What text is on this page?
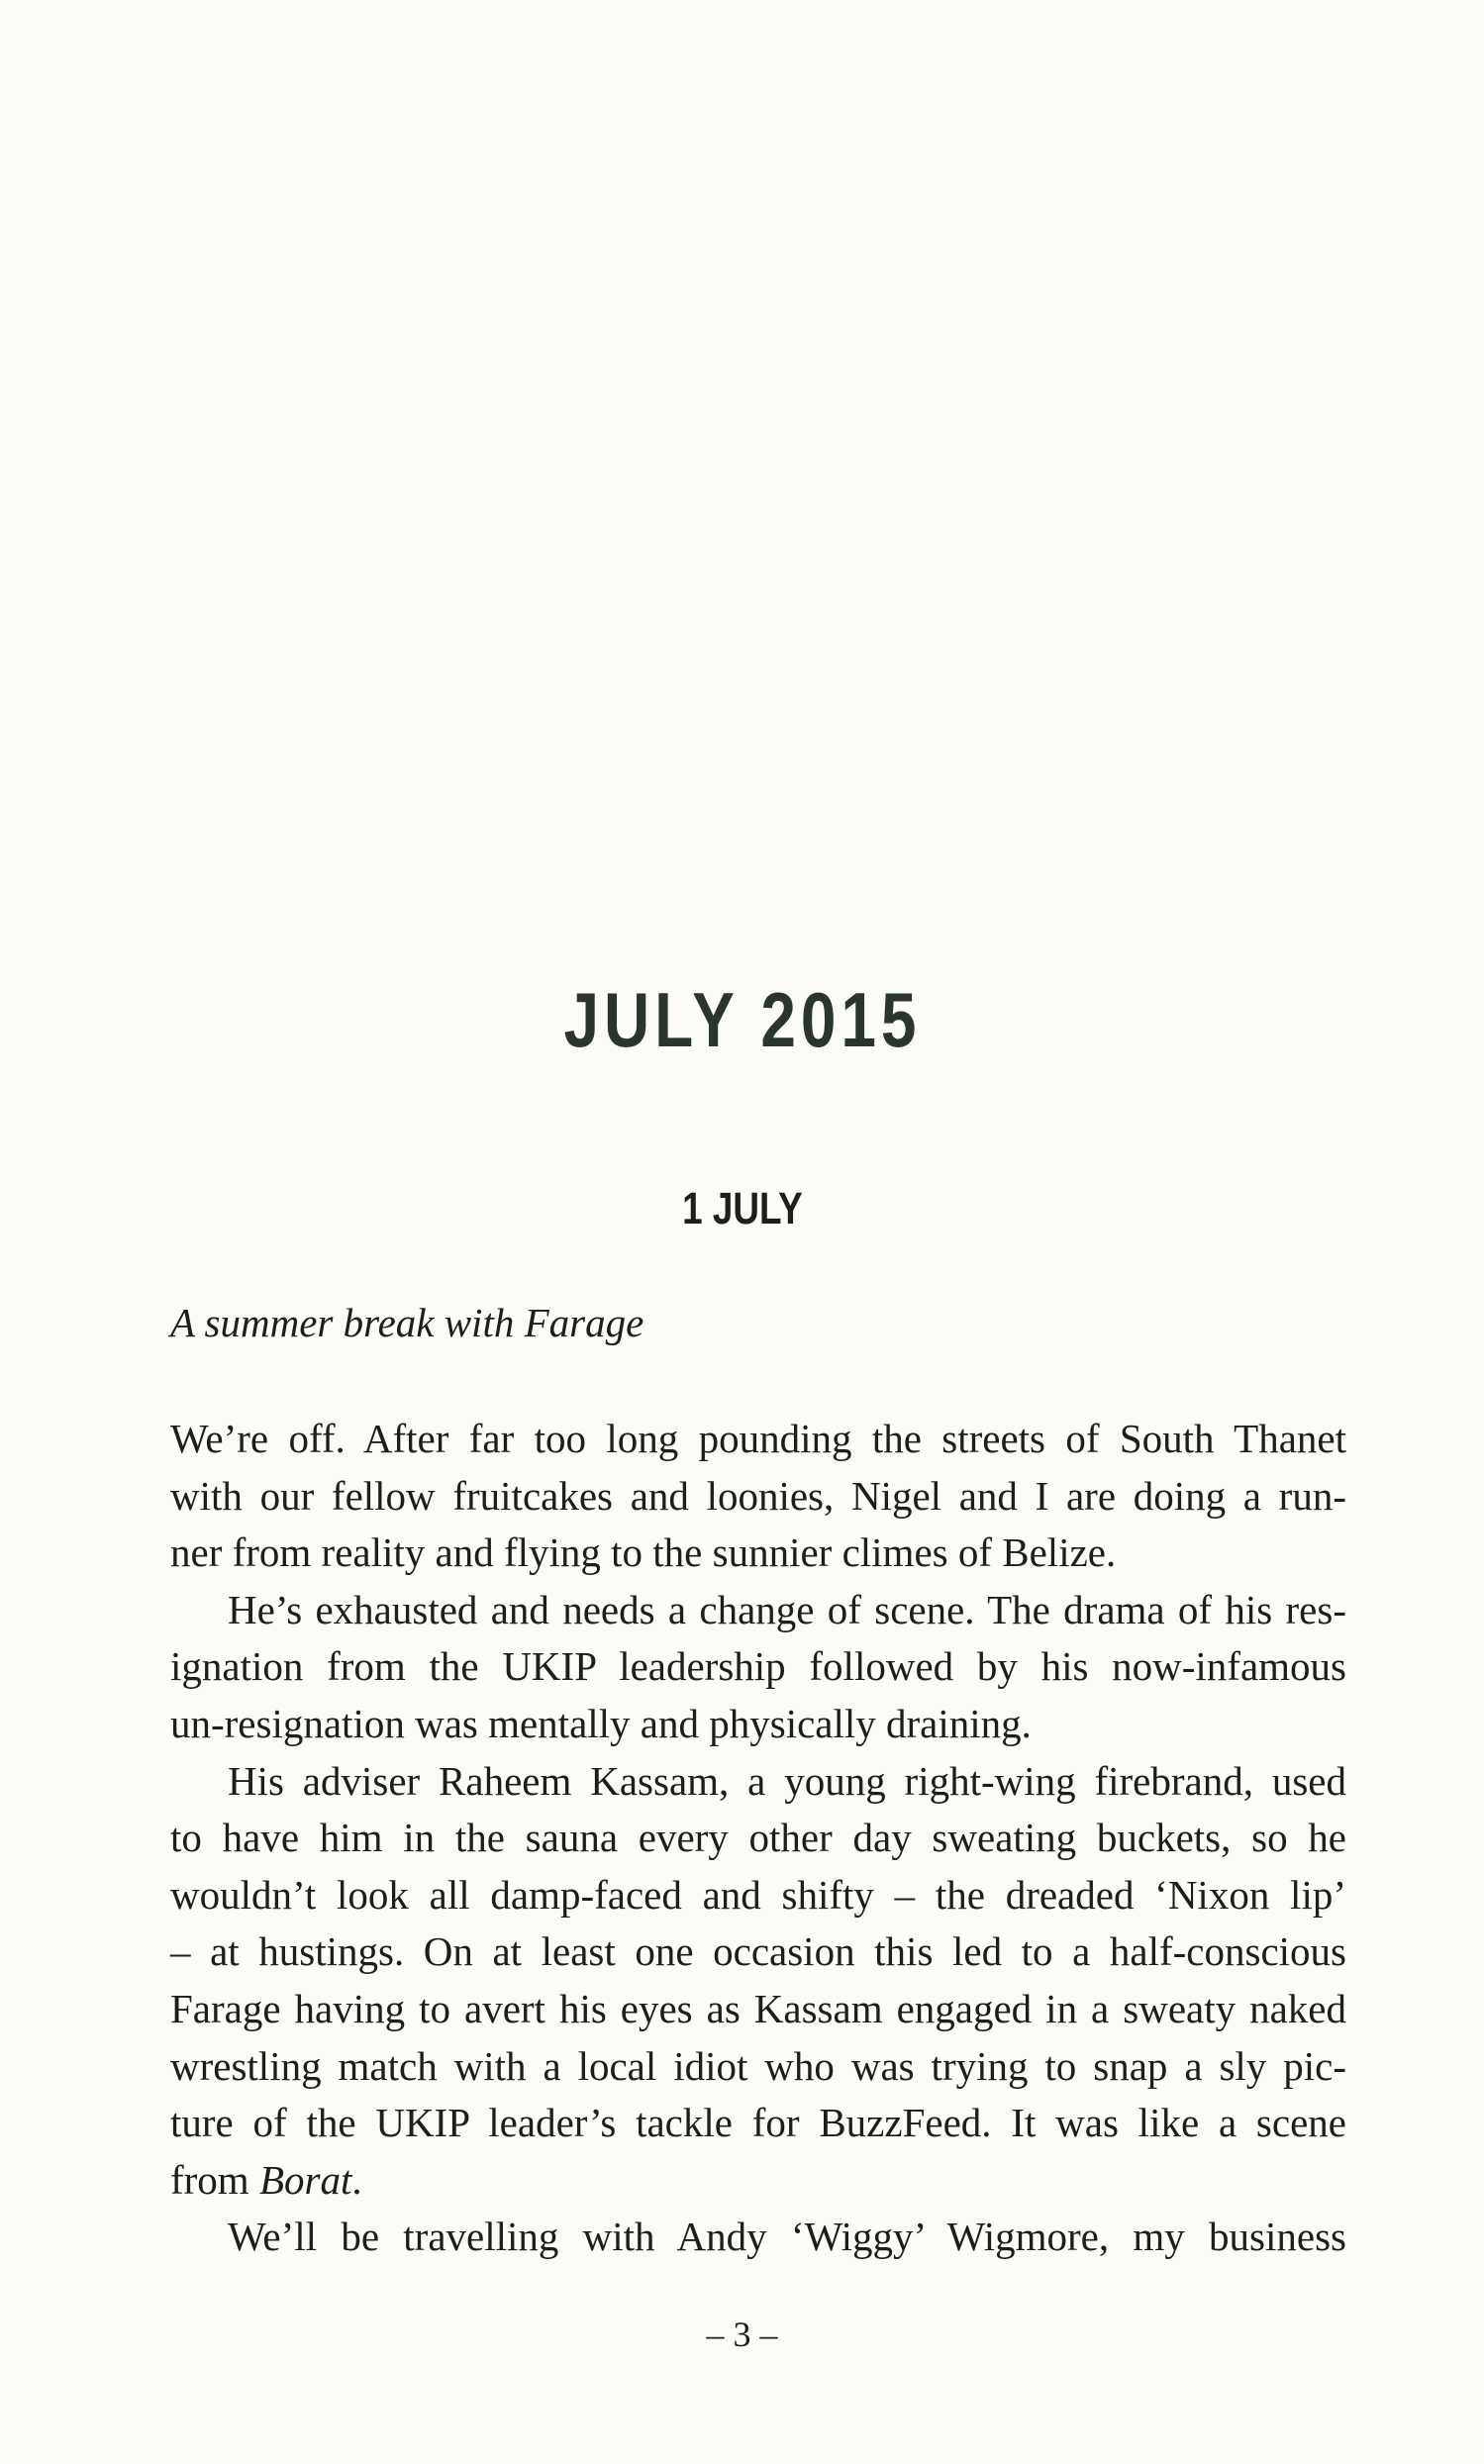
JULY 2015
1 JULY

A summer break with Farage

We’re off. After far too long pounding the streets of South Thanet
with our fellow fruitcakes and loonies, Nigel and I are doing a run-
ner from reality and flying to the sunnier climes of Belize.
He’s exhausted and needs a change of scene. The drama of his res-
ignation from the UKIP leadership followed by his now-infamous
un-resignation was mentally and physically draining.
His adviser Raheem Kassam, a young right-wing firebrand, used
to have him in the sauna every other day sweating buckets, so he
wouldn’t look all damp-faced and shifty – the dreaded ‘Nixon lip’
– at hustings. On at least one occasion this led to a half-conscious
Farage having to avert his eyes as Kassam engaged in a sweaty naked
wrestling match with a local idiot who was trying to snap a sly pic-
ture of the UKIP leader’s tackle for BuzzFeed. It was like a scene
from Borat.
We’ll be travelling with Andy ‘Wiggy’ Wigmore, my business

– 3 –
